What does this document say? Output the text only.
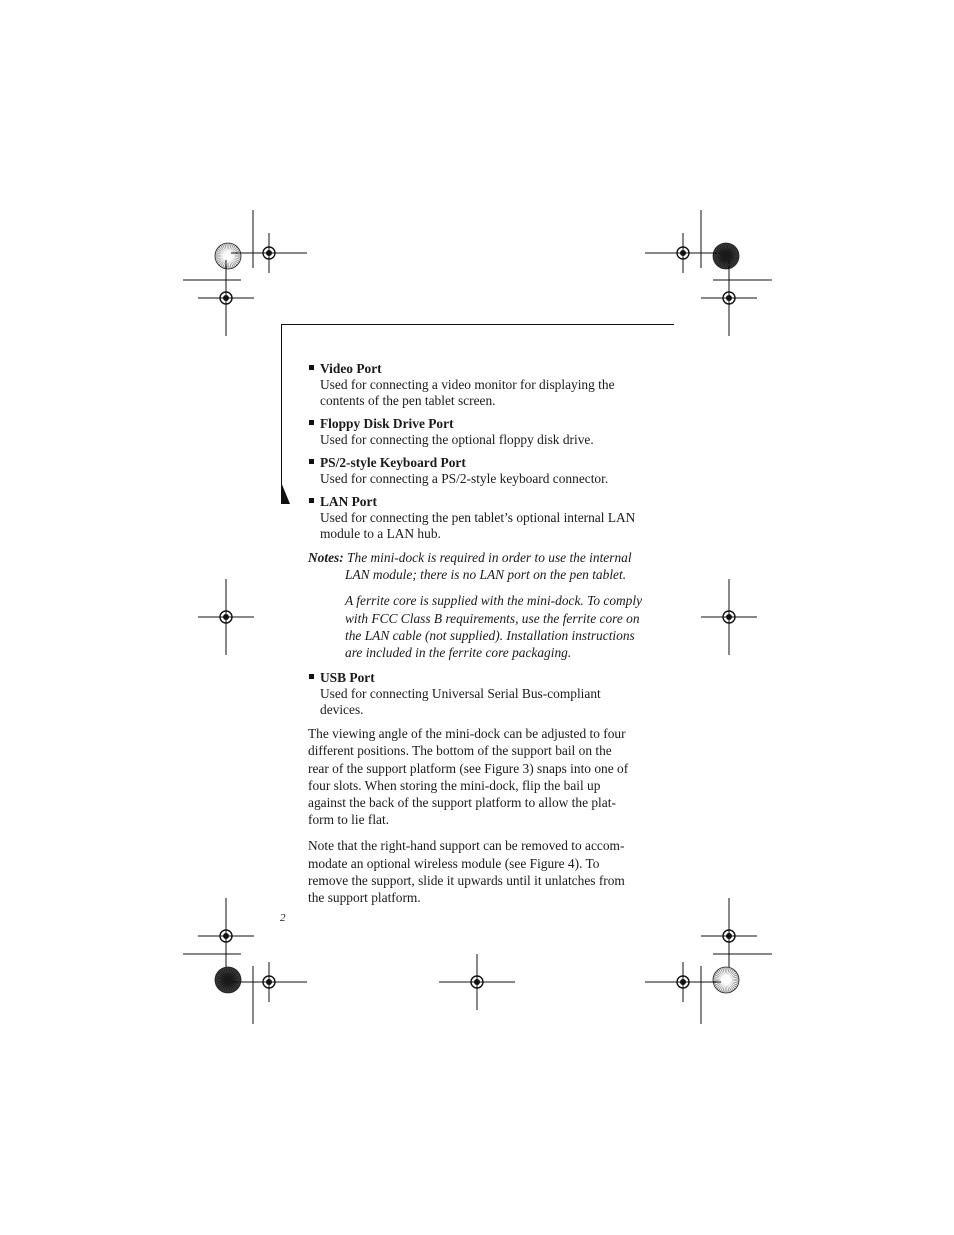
Video Port
Used for connecting a video monitor for displaying the
contents of the pen tablet screen.
Floppy Disk Drive Port
Used for connecting the optional floppy disk drive.
PS/2-style Keyboard Port
Used for connecting a PS/2-style keyboard connector.
LAN Port
Used for connecting the pen tablet’s optional internal LAN
module to a LAN hub.

Notes: The mini-dock is required in order to use the internal
LAN module; there is no LAN port on the pen tablet.

A ferrite core is supplied with the mini-dock. To comply
with FCC Class B requirements, use the ferrite core on
the LAN cable (not supplied). Installation instructions
are included in the ferrite core packaging.

USB Port
Used for connecting Universal Serial Bus-compliant
devices.

The viewing angle of the mini-dock can be adjusted to four
different positions. The bottom of the support bail on the
rear of the support platform (see Figure 3) snaps into one of
four slots. When storing the mini-dock, flip the bail up
against the back of the support platform to allow the plat-
form to lie flat.

Note that the right-hand support can be removed to accom-
modate an optional wireless module (see Figure 4). To
remove the support, slide it upwards until it unlatches from
the support platform.

2
